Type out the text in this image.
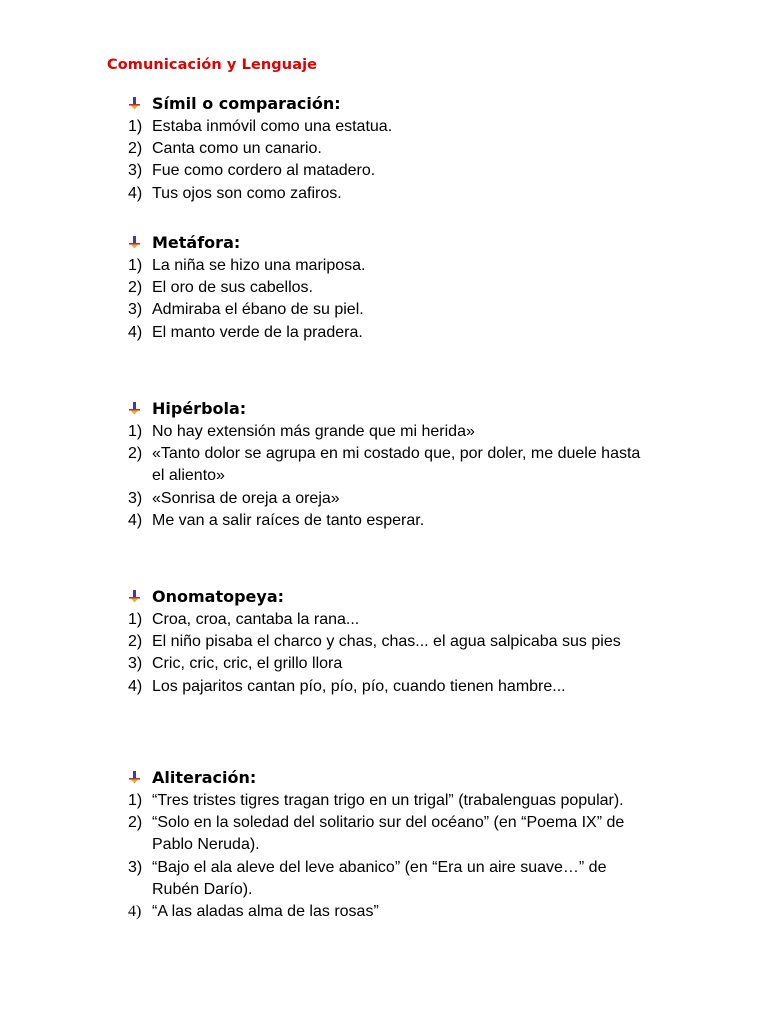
Comunicación y Lenguaje
Símil o comparación:
1) Estaba inmóvil como una estatua.
2) Canta como un canario.
3) Fue como cordero al matadero.
4) Tus ojos son como zafiros.
Metáfora:
1) La niña se hizo una mariposa.
2) El oro de sus cabellos.
3) Admiraba el ébano de su piel.
4) El manto verde de la pradera.
Hipérbola:
1) No hay extensión más grande que mi herida»
2) «Tanto dolor se agrupa en mi costado que, por doler, me duele hasta el aliento»
3) «Sonrisa de oreja a oreja»
4) Me van a salir raíces de tanto esperar.
Onomatopeya:
1) Croa, croa, cantaba la rana...
2) El niño pisaba el charco y chas, chas... el agua salpicaba sus pies
3) Cric, cric, cric, el grillo llora
4) Los pajaritos cantan pío, pío, pío, cuando tienen hambre...
Aliteración:
1) “Tres tristes tigres tragan trigo en un trigal” (trabalenguas popular).
2) “Solo en la soledad del solitario sur del océano” (en “Poema IX” de Pablo Neruda).
3) “Bajo el ala aleve del leve abanico” (en “Era un aire suave…” de Rubén Darío).
4) “A las aladas alma de las rosas”
